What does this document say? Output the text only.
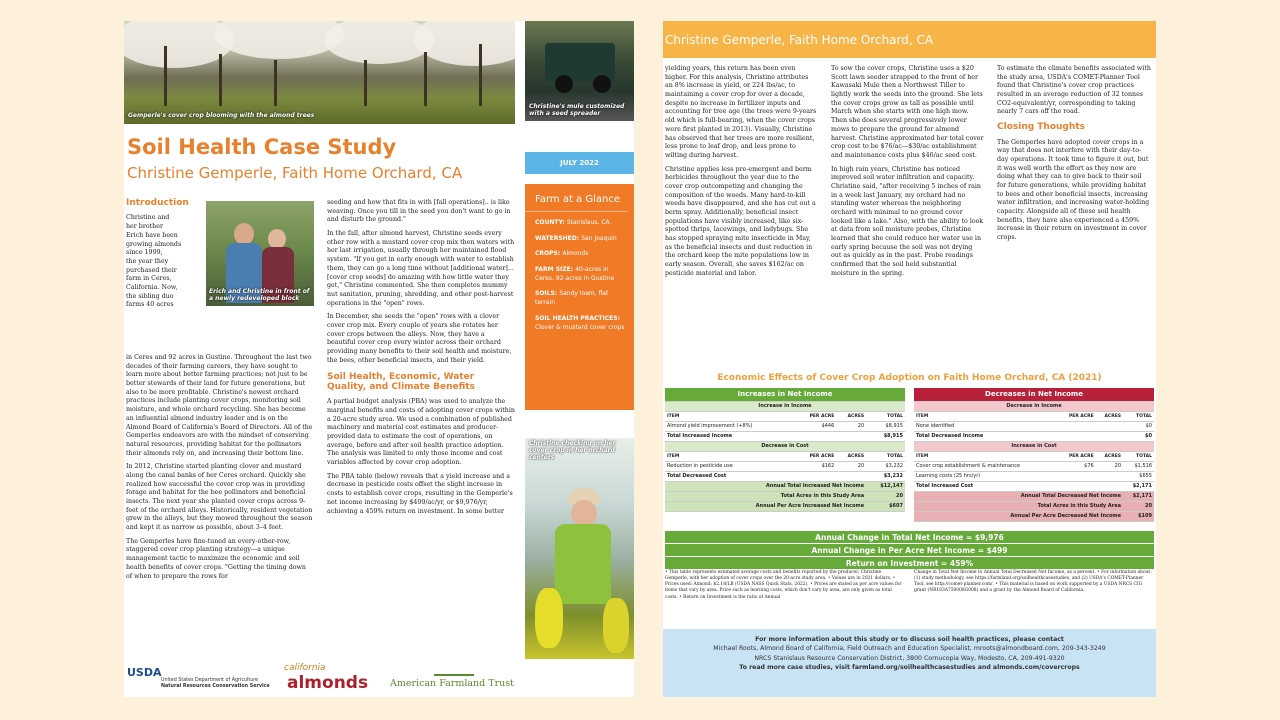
Gemperle's cover crop blooming with the almond trees
Christine's mule customized with a seed spreader
Soil Health Case Study
Christine Gemperle, Faith Home Orchard, CA
Introduction
Christine and
her brother
Erich have been
growing almonds
since 1999,
the year they
purchased their
farm in Ceres,
California. Now,
the sibling duo
farms 40 acres
Erich and Christine in front of a newly redeveloped block

in Ceres and 92 acres in Gustine. Throughout the last two decades of their farming careers, they have sought to learn more about better farming practices; not just to be better stewards of their land for future generations, but also to be more profitable. Christine's newest orchard practices include planting cover crops, monitoring soil moisture, and whole orchard recycling. She has become an influential almond industry leader and is on the Almond Board of California's Board of Directors. All of the Gemperles endeavors are with the mindset of conserving natural resources, providing habitat for the pollinators their almonds rely on, and increasing their bottom line.

In 2012, Christine started planting clover and mustard along the canal banks of her Ceres orchard. Quickly she realized how successful the cover crop was in providing forage and habitat for the bee pollinators and beneficial insects. The next year she planted cover crops across 9-feet of the orchard alleys. Historically, resident vegetation grew in the alleys, but they mowed throughout the season and kept it as narrow as possible, about 3–4 feet.

The Gemperles have fine-tuned an every-other-row, staggered cover crop planting strategy—a unique management tactic to maximize the economic and soil health benefits of cover crops. "Getting the timing down of when to prepare the rows for

seeding and how that fits in with [fall operations].. is like weaving. Once you till in the seed you don't want to go in and disturb the ground."

In the fall, after almond harvest, Christine seeds every other row with a mustard cover crop mix then waters with her last irrigation, usually through her maintained flood system. "If you get in early enough with water to establish them, they can go a long time without [additional water]...[cover crop seeds] do amazing with how little water they get," Christine commented. She then completes mummy nut sanitation, pruning, shredding, and other post-harvest operations in the "open" rows.

In December, she seeds the "open" rows with a clover cover crop mix. Every couple of years she rotates her cover crops between the alleys. Now, they have a beautiful cover crop every winter across their orchard providing many benefits to their soil health and moisture, the bees, other beneficial insects, and their yield.

Soil Health, Economic, Water Quality, and Climate Benefits

A partial budget analysis (PBA) was used to analyze the marginal benefits and costs of adopting cover crops within a 20-acre study area. We used a combination of published machinery and material cost estimates and producer-provided data to estimate the cost of operations, on average, before and after soil health practice adoption. The analysis was limited to only those income and cost variables affected by cover crop adoption.

The PBA table (below) reveals that a yield increase and a decrease in pesticide costs offset the slight increase in costs to establish cover crops, resulting in the Gemperle's net income increasing by $499/ac/yr, or $9,976/yr, achieving a 459% return on investment. In some better

JULY 2022
Farm at a Glance
COUNTY: Stanislaus, CA
WATERSHED: San Joaquin
CROPS: Almonds
FARM SIZE: 40-acres in Ceres, 92-acres in Gustine
SOILS: Sandy loam, flat terrain
SOIL HEALTH PRACTICES: Clover & mustard cover crops
Christine checking on her cover crop in her orchard centers
USDA
United States Department of Agriculture
Natural Resources Conservation Service
california
almonds American Farmland Trust
Christine Gemperle, Faith Home Orchard, CA

yielding years, this return has been even higher. For this analysis, Christine attributes an 8% increase in yield, or 224 lbs/ac, to maintaining a cover crop for over a decade, despite no increase in fertilizer inputs and accounting for tree age (the trees were 9-years old which is full-bearing, when the cover crops were first planted in 2013). Visually, Christine has observed that her trees are more resilient, less prone to leaf drop, and less prone to wilting during harvest.

Christine applies less pre-emergent and berm herbicides throughout the year due to the cover crop outcompeting and changing the composition of the weeds. Many hard-to-kill weeds have disappeared, and she has cut out a berm spray. Additionally, beneficial insect populations have visibly increased, like six-spotted thrips, lacewings, and ladybugs. She has stopped spraying mite insecticide in May, as the beneficial insects and dust reduction in the orchard keep the mite populations low in early season. Overall, she saves $162/ac on pesticide material and labor.

To sow the cover crops, Christine uses a $20 Scott lawn seeder strapped to the front of her Kawasaki Mule then a Northwest Tiller to lightly work the seeds into the ground. She lets the cover crops grow as tall as possible until March when she starts with one high mow. Then she does several progressively lower mows to prepare the ground for almond harvest. Christine approximated her total cover crop cost to be $76/ac—$30/ac establishment and maintenance costs plus $46/ac seed cost.

In high rain years, Christine has noticed improved soil water infiltration and capacity. Christine said, "after receiving 5 inches of rain in a week last January, my orchard had no standing water whereas the neighboring orchard with minimal to no ground cover looked like a lake." Also, with the ability to look at data from soil moisture probes, Christine learned that she could reduce her water use in early spring because the soil was not drying out as quickly as in the past. Probe readings confirmed that the soil held substantial moisture in the spring.

To estimate the climate benefits associated with the study area, USDA's COMET-Planner Tool found that Christine's cover crop practices resulted in an average reduction of 32 tonnes CO2-equivalent/yr, corresponding to taking nearly 7 cars off the road.

Closing Thoughts

The Gemperles have adopted cover crops in a way that does not interfere with their day-to-day operations. It took time to figure it out, but it was well worth the effort as they now are doing what they can to give back to their soil for future generations, while providing habitat to bees and other beneficial insects, increasing water infiltration, and increasing water-holding capacity. Alongside all of these soil health benefits, they have also experienced a 459% increase in their return on investment in cover crops.

Economic Effects of Cover Crop Adoption on Faith Home Orchard, CA (2021)
Increases in Net Income			
Increase in Income			
ITEM	PER ACRE	ACRES	TOTAL
Almond yield improvement (+8%)	$446	20	$8,915
Total Increased Income			$8,915
Decrease in Cost			
ITEM	PER ACRE	ACRES	TOTAL
Reduction in pesticide use	$162	20	$3,232
Total Decreased Cost			$3,232
Annual Total Increased Net Income			$12,147
Total Acres in this Study Area			20
Annual Per Acre Increased Net Income			$607
Decreases in Net Income			
Decrease in Income			
ITEM	PER ACRE	ACRES	TOTAL
None identified			$0
Total Decreased Income			$0
Increase in Cost			
ITEM	PER ACRE	ACRES	TOTAL
Cover crop establishment & maintenance	$76	20	$1,516
Learning costs (25 hrs/yr)			$655
Total Increased Cost			$2,171
Annual Total Decreased Net Income			$2,171
Total Acres in this Study Area			20
Annual Per Acre Decreased Net Income			$109
Annual Change in Total Net Income = $9,976
Annual Change in Per Acre Net Income = $499
Return on Investment = 459%
• This table represents estimated average costs and benefits reported by the producer, Christine Gemperle, with her adoption of cover crops over the 20-acre study area. • Values are in 2021 dollars. • Prices used: Almond: $2.18/LB (USDA NASS Quick Stats, 2022). • Prices are stated as per acre values for items that vary by area. Price such as learning costs, which don't vary by area, are only given as total costs. • Return on Investment is the ratio of Annual
Change in Total Net Income to Annual Total Decreased Net Income, as a percent. • For information about: (1) study methodology, see https://farmland.org/soilhealthcasestudies, and (2) USDA's COMET-Planner Tool, see http://comet-planner.com/. • This material is based on work supported by a USDA NRCS CIG grant (NR183A750008G008) and a grant by the Almond Board of California.
For more information about this study or to discuss soil health practices, please contact
Michael Roots, Almond Board of California, Field Outreach and Education Specialist, mroots@almondboard.com, 209-343-3249
NRCS Stanislaus Resource Conservation District, 3800 Cornucopia Way, Modesto, CA, 209-491-9320
To read more case studies, visit farmland.org/soilhealthcasestudies and almonds.com/covercrops
